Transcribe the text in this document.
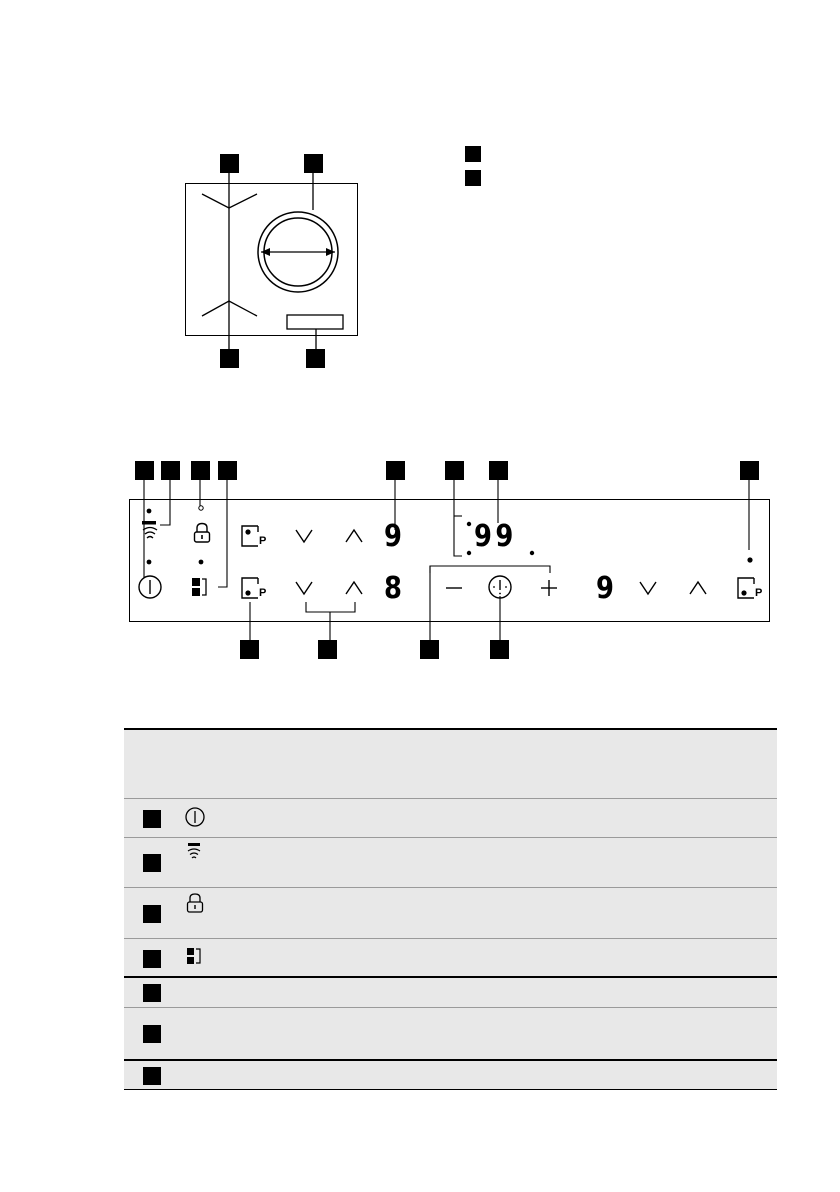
P
P	P
9
8
99
9
